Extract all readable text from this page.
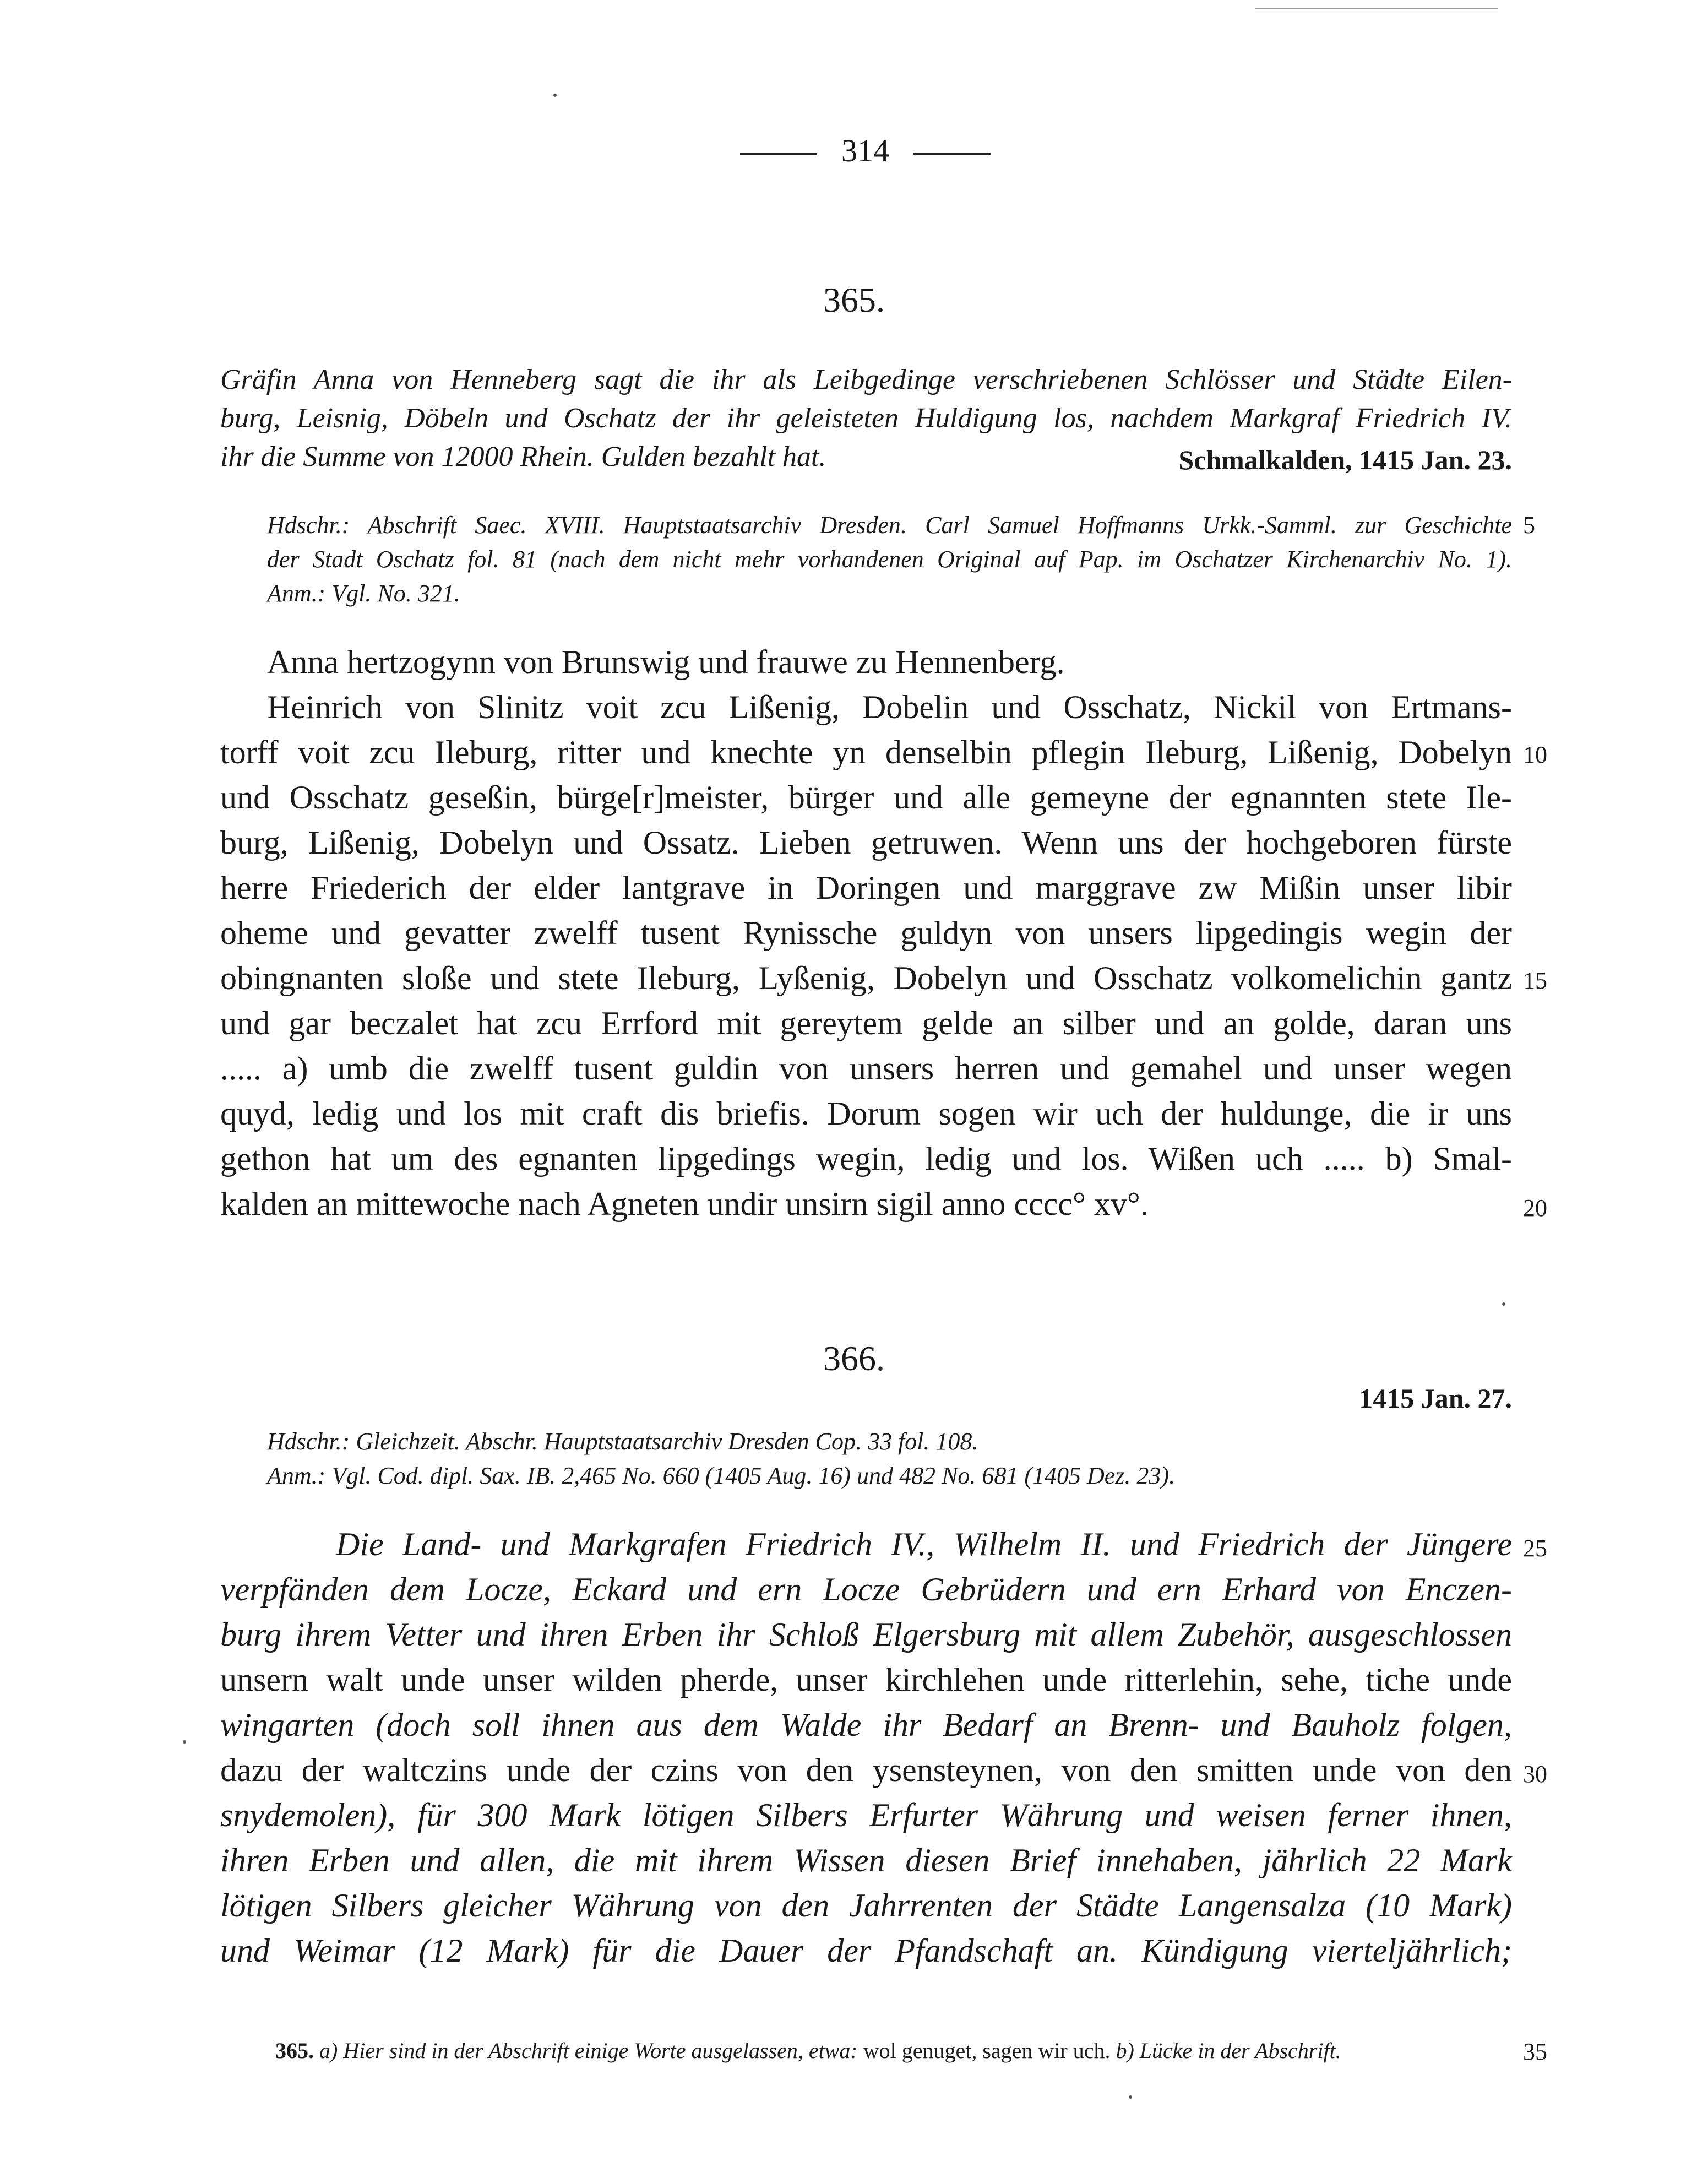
314
365.
Gräfin Anna von Henneberg sagt die ihr als Leibgedinge verschriebenen Schlösser und Städte Eilen-
burg, Leisnig, Döbeln und Oschatz der ihr geleisteten Huldigung los, nachdem Markgraf Friedrich IV.
ihr die Summe von 12000 Rhein. Gulden bezahlt hat.	Schmalkalden, 1415 Jan. 23.
Hdschr.: Abschrift Saec. XVIII. Hauptstaatsarchiv Dresden. Carl Samuel Hoffmanns Urkk.-Samml. zur Geschichte 5
der Stadt Oschatz fol. 81 (nach dem nicht mehr vorhandenen Original auf Pap. im Oschatzer Kirchenarchiv No. 1).
Anm.: Vgl. No. 321.
Anna hertzogynn von Brunswig und frauwe zu Hennenberg.
Heinrich von Slinitz voit zcu Lißenig, Dobelin und Osschatz, Nickil von Ertmans-
torff voit zcu Ileburg, ritter und knechte yn denselbin pflegin Ileburg, Lißenig, Dobelyn 10
und Osschatz geseßin, bürge[r]meister, bürger und alle gemeyne der egnannten stete Ile-
burg, Lißenig, Dobelyn und Ossatz. Lieben getruwen. Wenn uns der hochgeboren fürste
herre Friederich der elder lantgrave in Doringen und marggrave zw Mißin unser libir
oheme und gevatter zwelff tusent Rynissche guldyn von unsers lipgedingis wegin der
obingnanten sloße und stete Ileburg, Lyßenig, Dobelyn und Osschatz volkomelichin gantz 15
und gar beczalet hat zcu Errford mit gereytem gelde an silber und an golde, daran uns
..... a) umb die zwelff tusent guldin von unsers herren und gemahel und unser wegen
quyd, ledig und los mit craft dis briefis. Dorum sogen wir uch der huldunge, die ir uns
gethon hat um des egnanten lipgedings wegin, ledig und los. Wißen uch ..... b) Smal-
kalden an mittewoche nach Agneten undir unsirn sigil anno cccc° xv°.	20
366.
1415 Jan. 27.
Hdschr.: Gleichzeit. Abschr. Hauptstaatsarchiv Dresden Cop. 33 fol. 108.
Anm.: Vgl. Cod. dipl. Sax. IB. 2,465 No. 660 (1405 Aug. 16) und 482 No. 681 (1405 Dez. 23).
Die Land- und Markgrafen Friedrich IV., Wilhelm II. und Friedrich der Jüngere 25
verpfänden dem Locze, Eckard und ern Locze Gebrüdern und ern Erhard von Enczen-
burg ihrem Vetter und ihren Erben ihr Schloß Elgersburg mit allem Zubehör, ausgeschlossen
unsern walt unde unser wilden pherde, unser kirchlehen unde ritterlehin, sehe, tiche unde
wingarten (doch soll ihnen aus dem Walde ihr Bedarf an Brenn- und Bauholz folgen,
dazu der waltczins unde der czins von den ysensteynen, von den smitten unde von den 30
snydemolen), für 300 Mark lötigen Silbers Erfurter Währung und weisen ferner ihnen,
ihren Erben und allen, die mit ihrem Wissen diesen Brief innehaben, jährlich 22 Mark
lötigen Silbers gleicher Währung von den Jahrrenten der Städte Langensalza (10 Mark)
und Weimar (12 Mark) für die Dauer der Pfandschaft an. Kündigung vierteljährlich;
365. a) Hier sind in der Abschrift einige Worte ausgelassen, etwa: wol genuget, sagen wir uch. b) Lücke in der Abschrift.	35
